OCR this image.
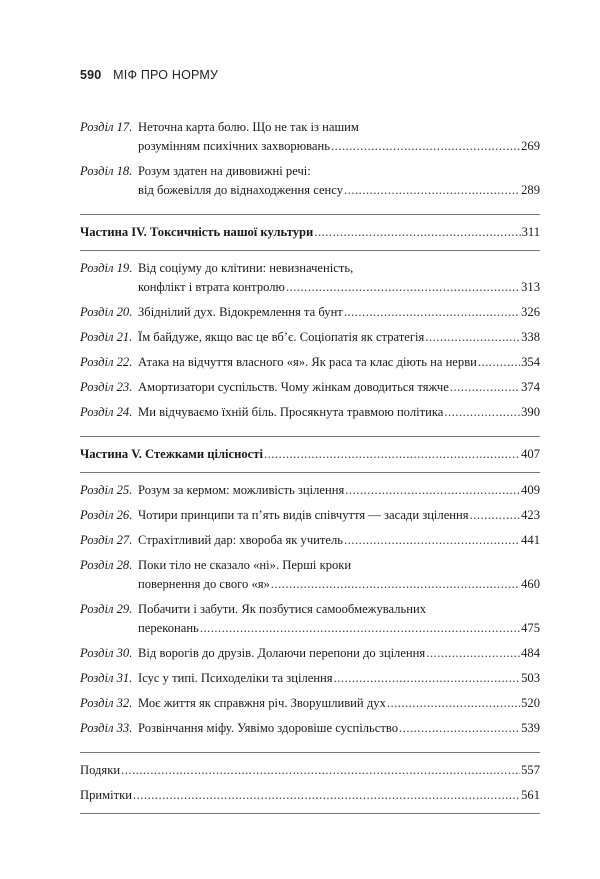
590 МІФ ПРО НОРМУ
Розділ 17. Неточна карта болю. Що не так із нашим
розумінням психічних захворювань .....	269
Розділ 18. Розум здатен на дивовижні речі:
від божевілля до віднаходження сенсу .....	289
Частина IV. Токсичність нашої культури .....	311
Розділ 19. Від соціуму до клітини: невизначеність,
конфлікт і втрата контролю .....	313
Розділ 20. Збіднілий дух. Відокремлення та бунт .....	326
Розділ 21. Їм байдуже, якщо вас це вб’є. Соціопатія як стратегія .....	338
Розділ 22. Атака на відчуття власного «я». Як раса та клас діють на нерви .....	354
Розділ 23. Амортизатори суспільств. Чому жінкам доводиться тяжче .....	374
Розділ 24. Ми відчуваємо їхній біль. Просякнута травмою політика .....	390
Частина V. Стежками цілісності .....	407
Розділ 25. Розум за кермом: можливість зцілення .....	409
Розділ 26. Чотири принципи та п’ять видів співчуття — засади зцілення .....	423
Розділ 27. Страхітливий дар: хвороба як учитель .....	441
Розділ 28. Поки тіло не сказало «ні». Перші кроки
повернення до свого «я» .....	460
Розділ 29. Побачити і забути. Як позбутися самообмежувальних
переконань .....	475
Розділ 30. Від ворогів до друзів. Долаючи перепони до зцілення .....	484
Розділ 31. Ісус у типі. Психоделіки та зцілення .....	503
Розділ 32. Моє життя як справжня річ. Зворушливий дух .....	520
Розділ 33. Розвінчання міфу. Уявімо здоровіше суспільство .....	539
Подяки .....	557
Примітки .....	561
